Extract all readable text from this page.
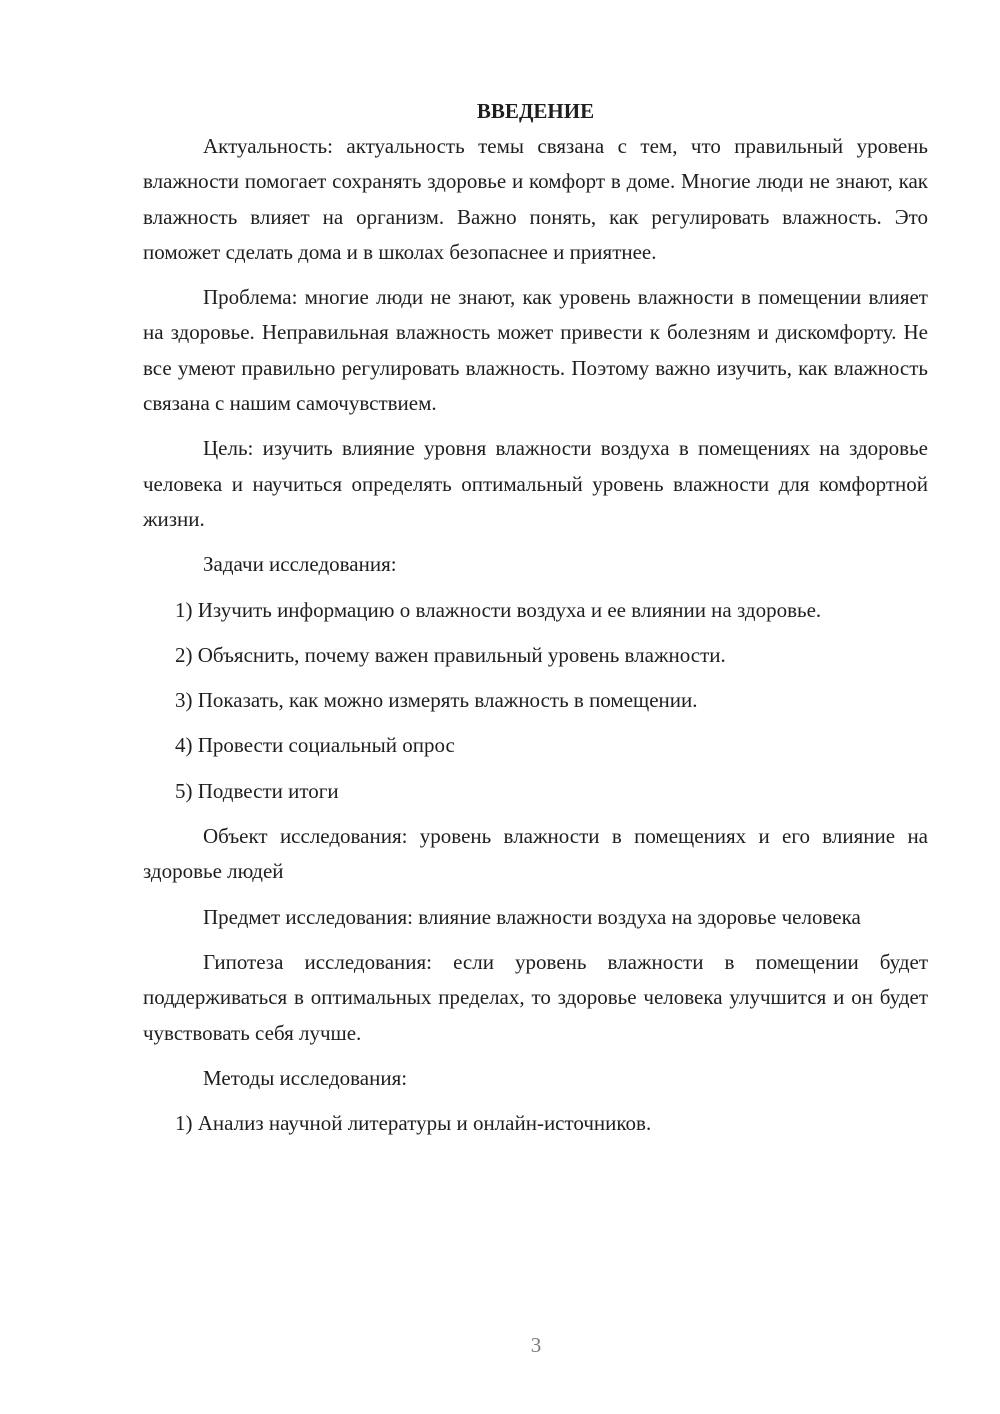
ВВЕДЕНИЕ

Актуальность: актуальность темы связана с тем, что правильный уровень влажности помогает сохранять здоровье и комфорт в доме. Многие люди не знают, как влажность влияет на организм. Важно понять, как регулировать влажность. Это поможет сделать дома и в школах безопаснее и приятнее.

Проблема: многие люди не знают, как уровень влажности в помещении влияет на здоровье. Неправильная влажность может привести к болезням и дискомфорту. Не все умеют правильно регулировать влажность. Поэтому важно изучить, как влажность связана с нашим самочувствием.

Цель: изучить влияние уровня влажности воздуха в помещениях на здоровье человека и научиться определять оптимальный уровень влажности для комфортной жизни.

Задачи исследования:

1) Изучить информацию о влажности воздуха и ее влиянии на здоровье.

2) Объяснить, почему важен правильный уровень влажности.

3) Показать, как можно измерять влажность в помещении.

4) Провести социальный опрос

5) Подвести итоги

Объект исследования: уровень влажности в помещениях и его влияние на здоровье людей

Предмет исследования: влияние влажности воздуха на здоровье человека

Гипотеза исследования: если уровень влажности в помещении будет поддерживаться в оптимальных пределах, то здоровье человека улучшится и он будет чувствовать себя лучше.

Методы исследования:

1) Анализ научной литературы и онлайн-источников.

3
